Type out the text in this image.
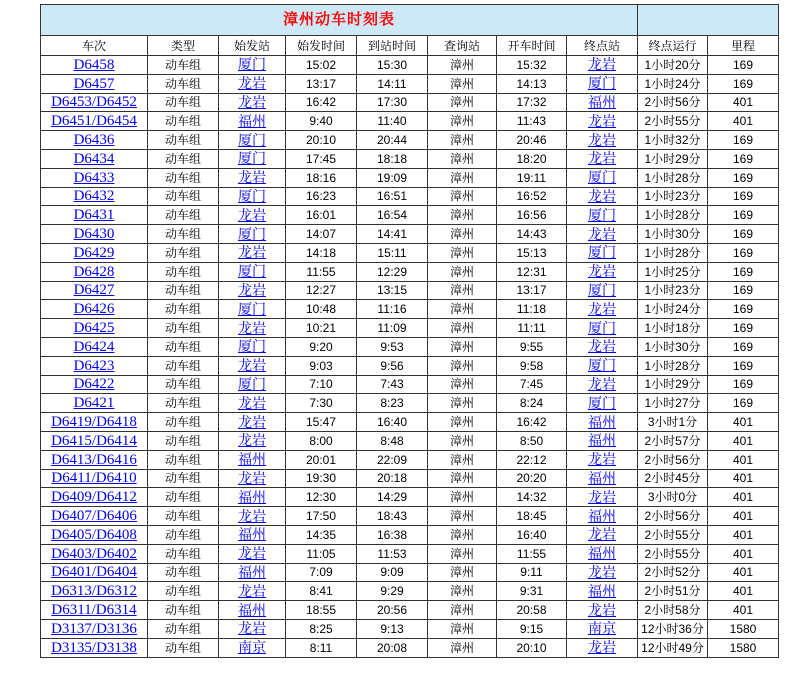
漳州动车时刻表									
车次	类型	始发站	始发时间	到站时间	查询站	开车时间	终点站	终点运行	里程
D6458	动车组	厦门	15:02	15:30	漳州	15:32	龙岩	1小时20分	169
D6457	动车组	龙岩	13:17	14:11	漳州	14:13	厦门	1小时24分	169
D6453/D6452	动车组	龙岩	16:42	17:30	漳州	17:32	福州	2小时56分	401
D6451/D6454	动车组	福州	9:40	11:40	漳州	11:43	龙岩	2小时55分	401
D6436	动车组	厦门	20:10	20:44	漳州	20:46	龙岩	1小时32分	169
D6434	动车组	厦门	17:45	18:18	漳州	18:20	龙岩	1小时29分	169
D6433	动车组	龙岩	18:16	19:09	漳州	19:11	厦门	1小时28分	169
D6432	动车组	厦门	16:23	16:51	漳州	16:52	龙岩	1小时23分	169
D6431	动车组	龙岩	16:01	16:54	漳州	16:56	厦门	1小时28分	169
D6430	动车组	厦门	14:07	14:41	漳州	14:43	龙岩	1小时30分	169
D6429	动车组	龙岩	14:18	15:11	漳州	15:13	厦门	1小时28分	169
D6428	动车组	厦门	11:55	12:29	漳州	12:31	龙岩	1小时25分	169
D6427	动车组	龙岩	12:27	13:15	漳州	13:17	厦门	1小时23分	169
D6426	动车组	厦门	10:48	11:16	漳州	11:18	龙岩	1小时24分	169
D6425	动车组	龙岩	10:21	11:09	漳州	11:11	厦门	1小时18分	169
D6424	动车组	厦门	9:20	9:53	漳州	9:55	龙岩	1小时30分	169
D6423	动车组	龙岩	9:03	9:56	漳州	9:58	厦门	1小时28分	169
D6422	动车组	厦门	7:10	7:43	漳州	7:45	龙岩	1小时29分	169
D6421	动车组	龙岩	7:30	8:23	漳州	8:24	厦门	1小时27分	169
D6419/D6418	动车组	龙岩	15:47	16:40	漳州	16:42	福州	3小时1分	401
D6415/D6414	动车组	龙岩	8:00	8:48	漳州	8:50	福州	2小时57分	401
D6413/D6416	动车组	福州	20:01	22:09	漳州	22:12	龙岩	2小时56分	401
D6411/D6410	动车组	龙岩	19:30	20:18	漳州	20:20	福州	2小时45分	401
D6409/D6412	动车组	福州	12:30	14:29	漳州	14:32	龙岩	3小时0分	401
D6407/D6406	动车组	龙岩	17:50	18:43	漳州	18:45	福州	2小时56分	401
D6405/D6408	动车组	福州	14:35	16:38	漳州	16:40	龙岩	2小时55分	401
D6403/D6402	动车组	龙岩	11:05	11:53	漳州	11:55	福州	2小时55分	401
D6401/D6404	动车组	福州	7:09	9:09	漳州	9:11	龙岩	2小时52分	401
D6313/D6312	动车组	龙岩	8:41	9:29	漳州	9:31	福州	2小时51分	401
D6311/D6314	动车组	福州	18:55	20:56	漳州	20:58	龙岩	2小时58分	401
D3137/D3136	动车组	龙岩	8:25	9:13	漳州	9:15	南京	12小时36分	1580
D3135/D3138	动车组	南京	8:11	20:08	漳州	20:10	龙岩	12小时49分	1580
